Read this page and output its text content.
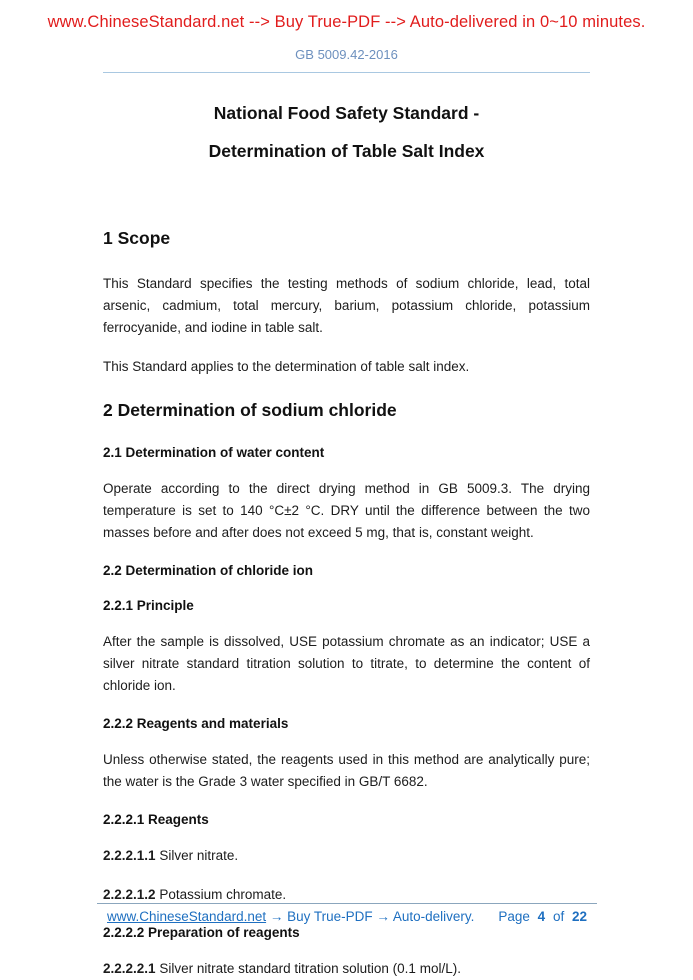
www.ChineseStandard.net --> Buy True-PDF --> Auto-delivered in 0~10 minutes.
GB 5009.42-2016
National Food Safety Standard -
Determination of Table Salt Index
1 Scope

This Standard specifies the testing methods of sodium chloride, lead, total arsenic, cadmium, total mercury, barium, potassium chloride, potassium ferrocyanide, and iodine in table salt.

This Standard applies to the determination of table salt index.

2 Determination of sodium chloride
2.1 Determination of water content

Operate according to the direct drying method in GB 5009.3. The drying temperature is set to 140 °C±2 °C. DRY until the difference between the two masses before and after does not exceed 5 mg, that is, constant weight.

2.2 Determination of chloride ion
2.2.1 Principle

After the sample is dissolved, USE potassium chromate as an indicator; USE a silver nitrate standard titration solution to titrate, to determine the content of chloride ion.

2.2.2 Reagents and materials

Unless otherwise stated, the reagents used in this method are analytically pure; the water is the Grade 3 water specified in GB/T 6682.

2.2.2.1 Reagents

2.2.2.1.1 Silver nitrate.

2.2.2.1.2 Potassium chromate.

2.2.2.2 Preparation of reagents

2.2.2.2.1 Silver nitrate standard titration solution (0.1 mol/L).

www.ChineseStandard.net → Buy True-PDF → Auto-delivery. Page 4 of 22
